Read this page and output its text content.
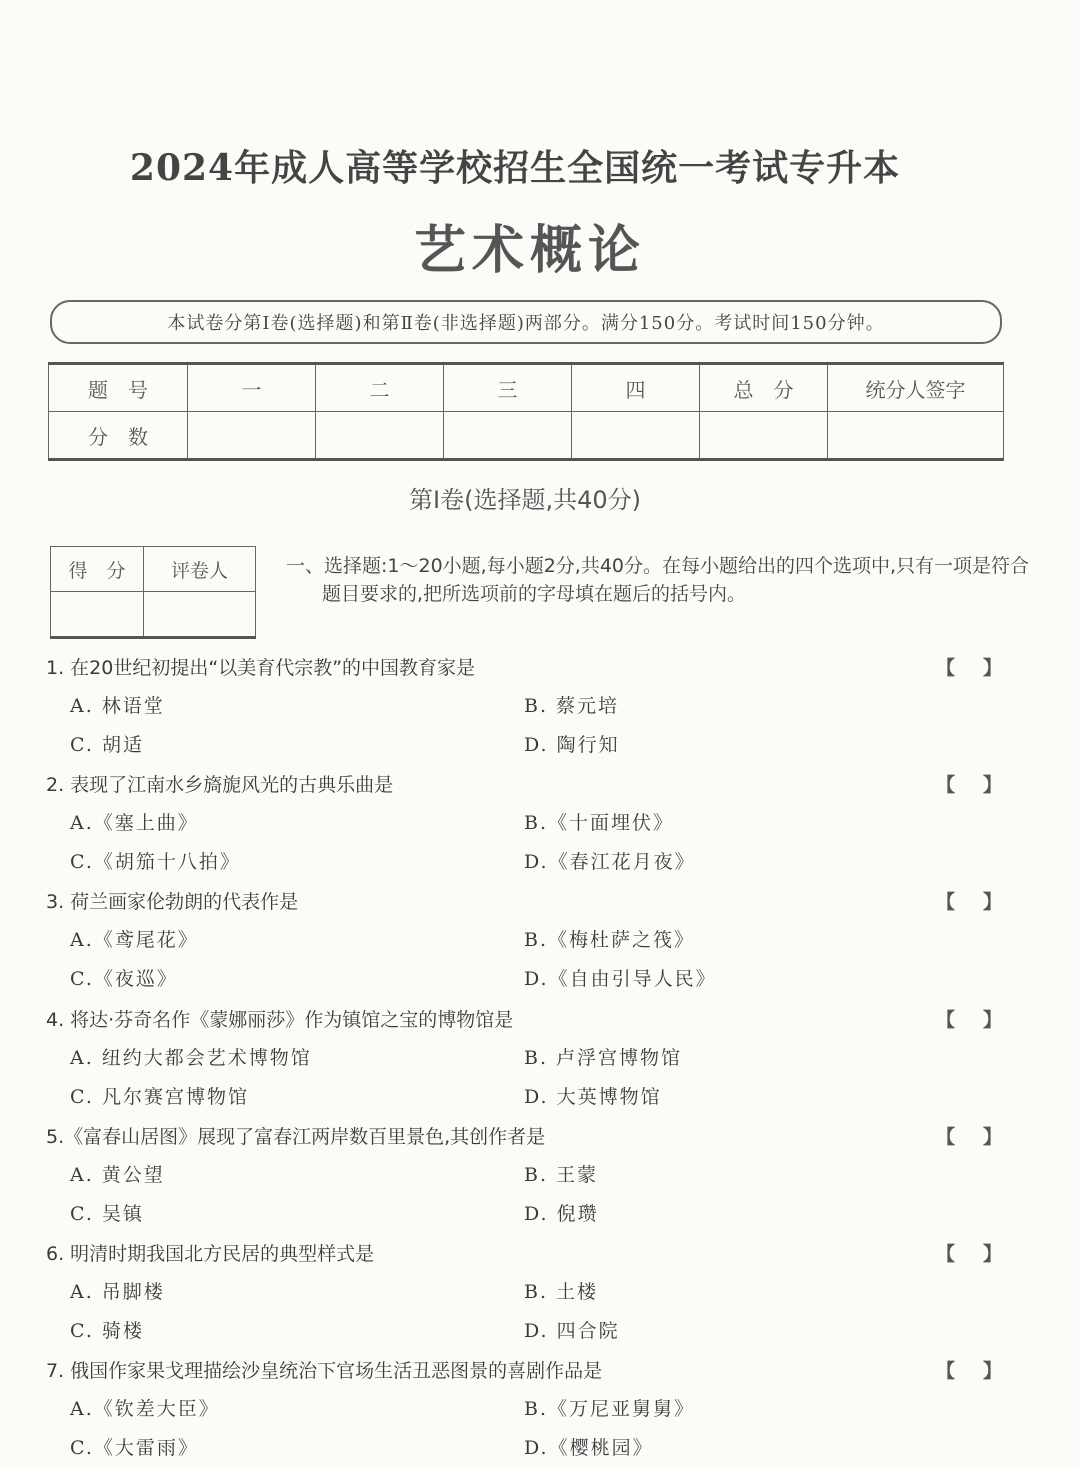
2024年成人高等学校招生全国统一考试专升本
艺术概论
本试卷分第Ⅰ卷(选择题)和第Ⅱ卷(非选择题)两部分。满分150分。考试时间150分钟。
题　号	一	二	三	四	总　分	统分人签字
分　数						
第Ⅰ卷(选择题,共40分)
得　分	评卷人
		一、选择题:1～20小题,每小题2分,共40分。在每小题给出的四个选项中,只有一项是符合题目要求的,把所选项前的字母填在题后的括号内。
1. 在20世纪初提出“以美育代宗教”的中国教育家是	【 】
A. 林语堂	B. 蔡元培
C. 胡适	D. 陶行知
2. 表现了江南水乡旖旎风光的古典乐曲是	【 】
A.《塞上曲》	B.《十面埋伏》
C.《胡笳十八拍》	D.《春江花月夜》
3. 荷兰画家伦勃朗的代表作是	【 】
A.《鸢尾花》	B.《梅杜萨之筏》
C.《夜巡》	D.《自由引导人民》
4. 将达·芬奇名作《蒙娜丽莎》作为镇馆之宝的博物馆是	【 】
A. 纽约大都会艺术博物馆	B. 卢浮宫博物馆
C. 凡尔赛宫博物馆	D. 大英博物馆
5.《富春山居图》展现了富春江两岸数百里景色,其创作者是	【 】
A. 黄公望	B. 王蒙
C. 吴镇	D. 倪瓒
6. 明清时期我国北方民居的典型样式是	【 】
A. 吊脚楼	B. 土楼
C. 骑楼	D. 四合院
7. 俄国作家果戈理描绘沙皇统治下官场生活丑恶图景的喜剧作品是	【 】
A.《钦差大臣》	B.《万尼亚舅舅》
C.《大雷雨》	D.《樱桃园》
